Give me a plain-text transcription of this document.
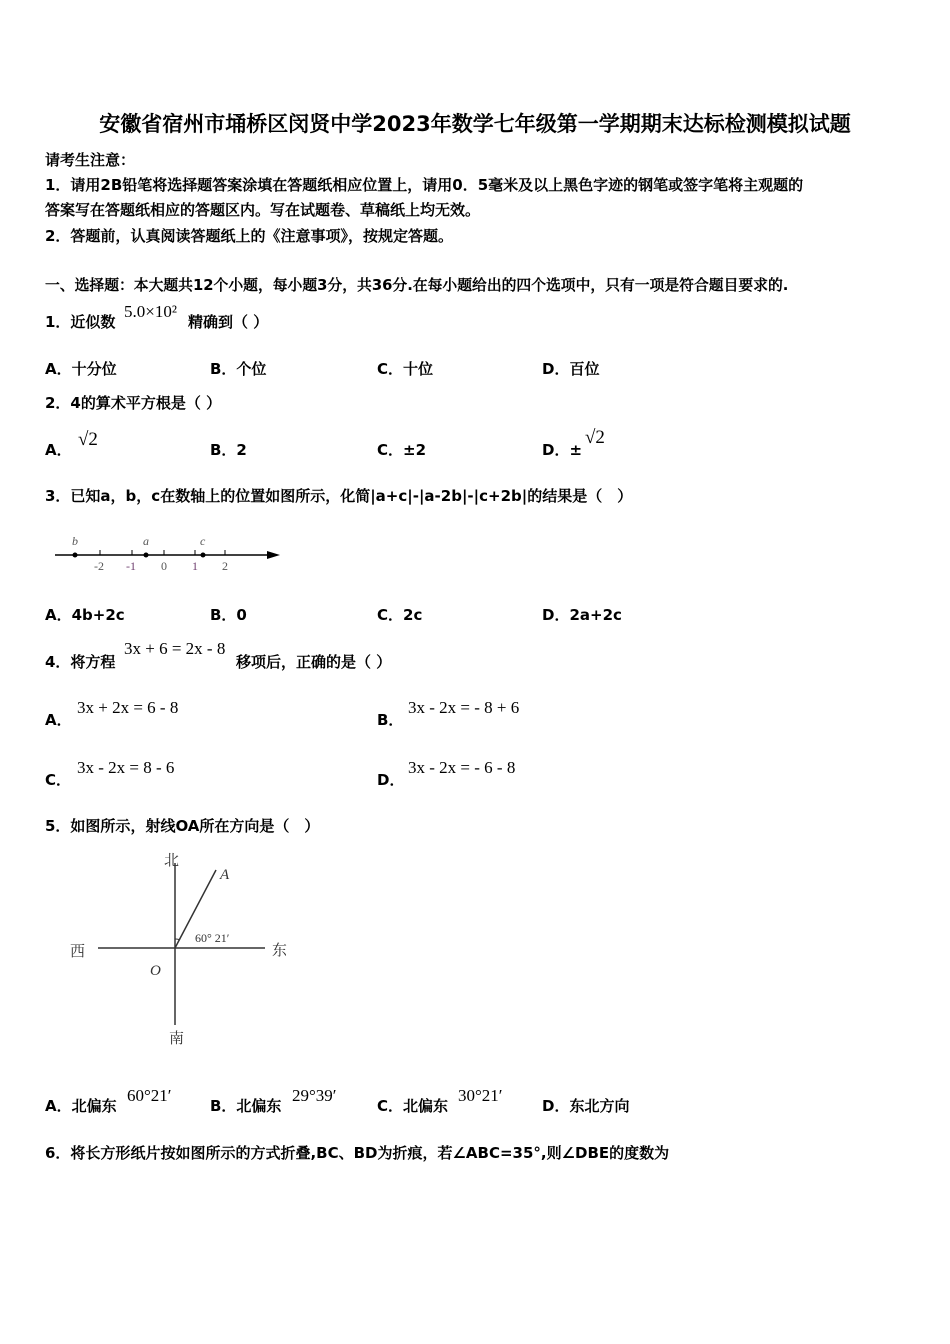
安徽省宿州市埇桥区闵贤中学2023年数学七年级第一学期期末达标检测模拟试题
请考生注意：
1．请用2B铅笔将选择题答案涂填在答题纸相应位置上，请用0．5毫米及以上黑色字迹的钢笔或签字笔将主观题的
答案写在答题纸相应的答题区内。写在试题卷、草稿纸上均无效。
2．答题前，认真阅读答题纸上的《注意事项》，按规定答题。
一、选择题：本大题共12个小题，每小题3分，共36分.在每小题给出的四个选项中，只有一项是符合题目要求的.
1．近似数
5.0×10²
精确到（ ）
A．十分位	B．个位	C．十位	D．百位
2．4的算术平方根是（ ）
A． √2	B．2	C．±2	D．±
√2
3．已知a，b，c在数轴上的位置如图所示，化简|a+c|-|a-2b|-|c+2b|的结果是（　）
b	a	c
-2 -1 0 1 2
A．4b+2c	B．0	C．2c	D．2a+2c
4．将方程
3x + 6 = 2x - 8
移项后，正确的是（ ）
A．
3x + 2x = 6 - 8
B．
3x - 2x = - 8 + 6
C．
3x - 2x = 8 - 6
D．
3x - 2x = - 6 - 8
5．如图所示，射线OA所在方向是（　）
北
南
西	东
A
O
60° 21′
A．北偏东
60°21′
B．北偏东
29°39′
C．北偏东
30°21′
D．东北方向
6．将长方形纸片按如图所示的方式折叠,BC、BD为折痕，若∠ABC=35°,则∠DBE的度数为
